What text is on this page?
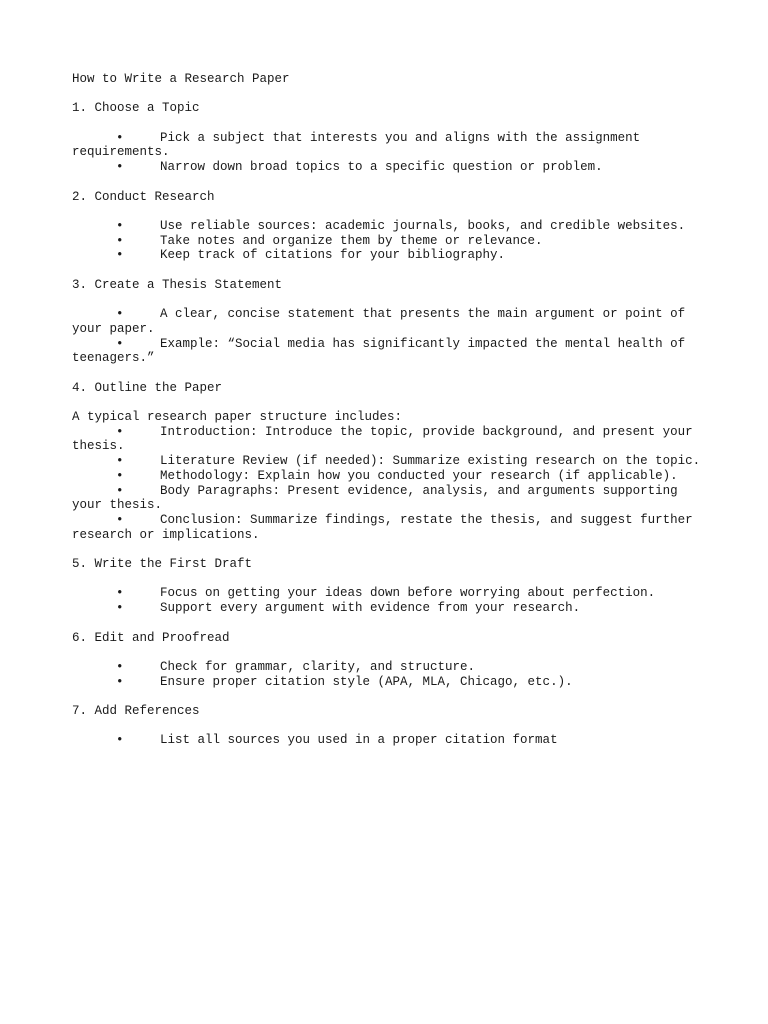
How to Write a Research Paper
1. Choose a Topic
•	Pick a subject that interests you and aligns with the assignment requirements.
•	Narrow down broad topics to a specific question or problem.
2. Conduct Research
•	Use reliable sources: academic journals, books, and credible websites.
•	Take notes and organize them by theme or relevance.
•	Keep track of citations for your bibliography.
3. Create a Thesis Statement
•	A clear, concise statement that presents the main argument or point of your paper.
•	Example: “Social media has significantly impacted the mental health of teenagers.”
4. Outline the Paper
A typical research paper structure includes:
•	Introduction: Introduce the topic, provide background, and present your thesis.
•	Literature Review (if needed): Summarize existing research on the topic.
•	Methodology: Explain how you conducted your research (if applicable).
•	Body Paragraphs: Present evidence, analysis, and arguments supporting your thesis.
•	Conclusion: Summarize findings, restate the thesis, and suggest further research or implications.
5. Write the First Draft
•	Focus on getting your ideas down before worrying about perfection.
•	Support every argument with evidence from your research.
6. Edit and Proofread
•	Check for grammar, clarity, and structure.
•	Ensure proper citation style (APA, MLA, Chicago, etc.).
7. Add References
•	List all sources you used in a proper citation format
